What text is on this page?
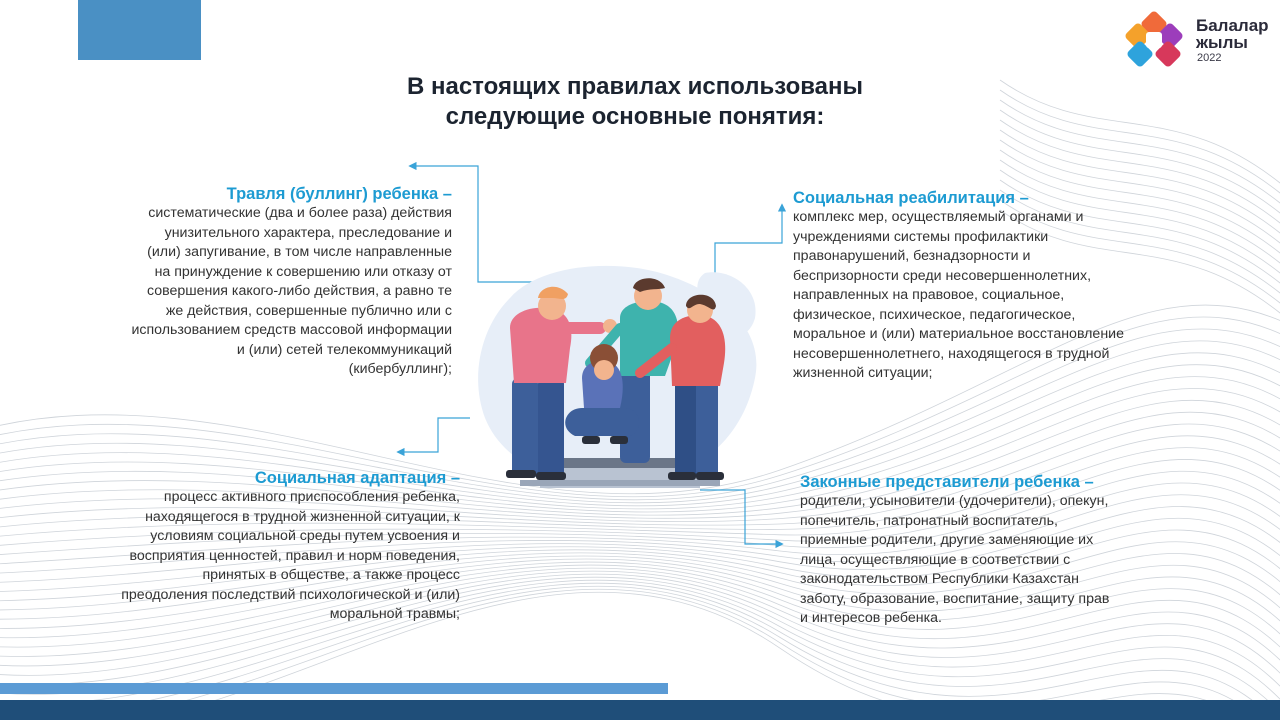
Балалар
жылы
2022
В настоящих правилах использованы
следующие основные понятия:
Травля (буллинг) ребенка –
систематические (два и более раза) действия
унизительного характера, преследование и
(или) запугивание, в том числе направленные
на принуждение к совершению или отказу от
совершения какого-либо действия, а равно те
же действия, совершенные публично или с
использованием средств массовой информации
и (или) сетей телекоммуникаций
(кибербуллинг);
Социальная адаптация –
процесс активного приспособления ребенка,
находящегося в трудной жизненной ситуации, к
условиям социальной среды путем усвоения и
восприятия ценностей, правил и норм поведения,
принятых в обществе, а также процесс
преодоления последствий психологической и (или)
моральной травмы;
Социальная реабилитация –
комплекс мер, осуществляемый органами и
учреждениями системы профилактики
правонарушений, безнадзорности и
беспризорности среди несовершеннолетних,
направленных на правовое, социальное,
физическое, психическое, педагогическое,
моральное и (или) материальное восстановление
несовершеннолетнего, находящегося в трудной
жизненной ситуации;
Законные представители ребенка –
родители, усыновители (удочерители), опекун,
попечитель, патронатный воспитатель,
приемные родители, другие заменяющие их
лица, осуществляющие в соответствии с
законодательством Республики Казахстан
заботу, образование, воспитание, защиту прав
и интересов ребенка.
